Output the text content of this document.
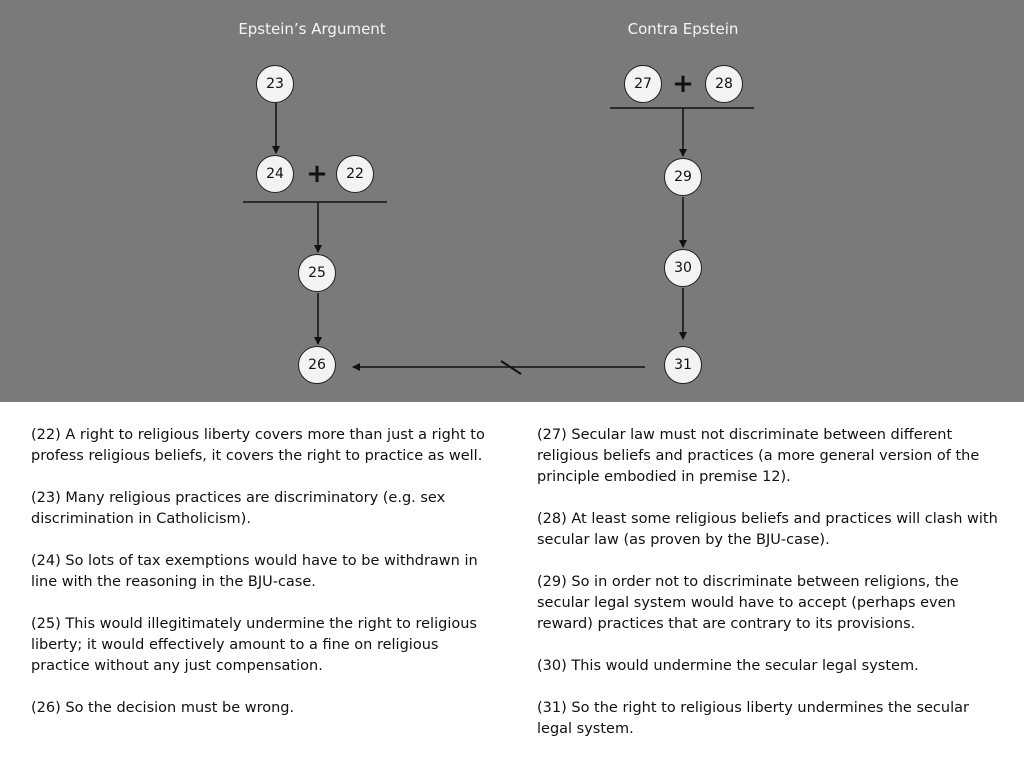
Epstein’s Argument	Contra Epstein
23
24 +	22
25
26
27 +	28
29
30
31

(22) A right to religious liberty covers more than just a right to profess religious beliefs, it covers the right to practice as well.

(23) Many religious practices are discriminatory (e.g. sex discrimination in Catholicism).

(24) So lots of tax exemptions would have to be withdrawn in line with the reasoning in the BJU-case.

(25) This would illegitimately undermine the right to religious liberty; it would effectively amount to a fine on religious practice without any just compensation.

(26) So the decision must be wrong.

(27) Secular law must not discriminate between different religious beliefs and practices (a more general version of the principle embodied in premise 12).

(28) At least some religious beliefs and practices will clash with secular law (as proven by the BJU-case).

(29) So in order not to discriminate between religions, the secular legal system would have to accept (perhaps even reward) practices that are contrary to its provisions.

(30) This would undermine the secular legal system.

(31) So the right to religious liberty undermines the secular legal system.
